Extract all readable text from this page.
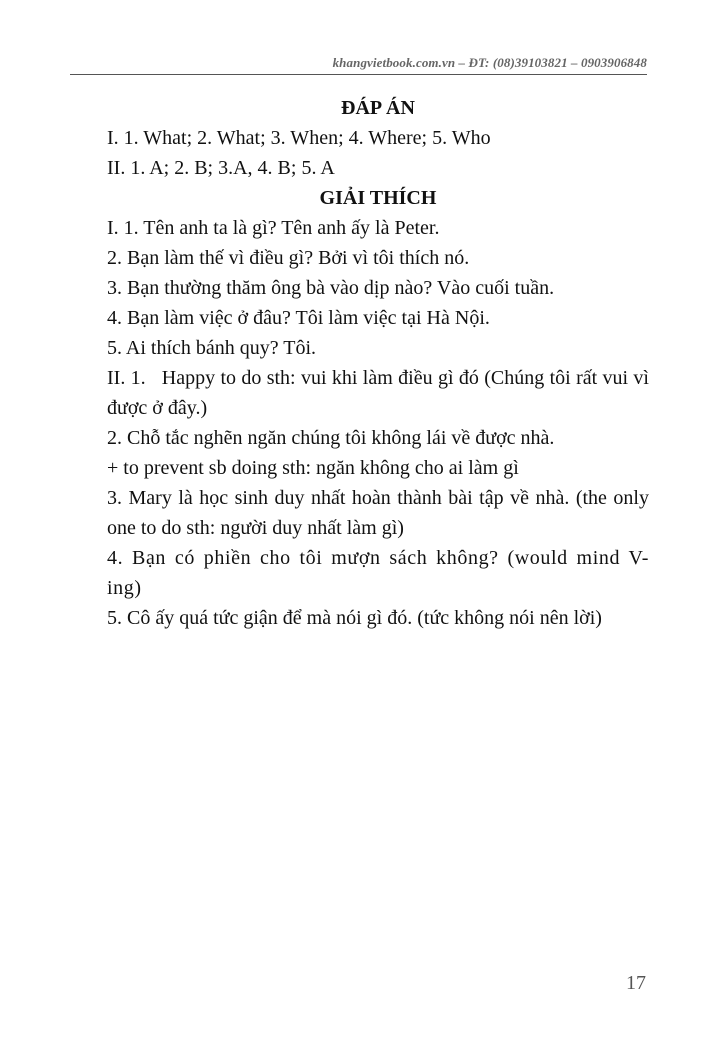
khangvietbook.com.vn – ĐT: (08)39103821 – 0903906848
ĐÁP ÁN
I. 1. What; 2. What; 3. When; 4. Where; 5. Who
II. 1. A; 2. B; 3.A, 4. B; 5. A
GIẢI THÍCH
I. 1. Tên anh ta là gì? Tên anh ấy là Peter.
2. Bạn làm thế vì điều gì? Bởi vì tôi thích nó.
3. Bạn thường thăm ông bà vào dịp nào? Vào cuối tuần.
4. Bạn làm việc ở đâu? Tôi làm việc tại Hà Nội.
5. Ai thích bánh quy? Tôi.
II. 1.   Happy to do sth: vui khi làm điều gì đó (Chúng tôi rất vui vì được ở đây.)
2. Chỗ tắc nghẽn ngăn chúng tôi không lái về được nhà.
+ to prevent sb doing sth: ngăn không cho ai làm gì
3. Mary là học sinh duy nhất hoàn thành bài tập về nhà. (the only one to do sth: người duy nhất làm gì)
4. Bạn có phiền cho tôi mượn sách không? (would mind V-ing)
5. Cô ấy quá tức giận để mà nói gì đó. (tức không nói nên lời)
17
